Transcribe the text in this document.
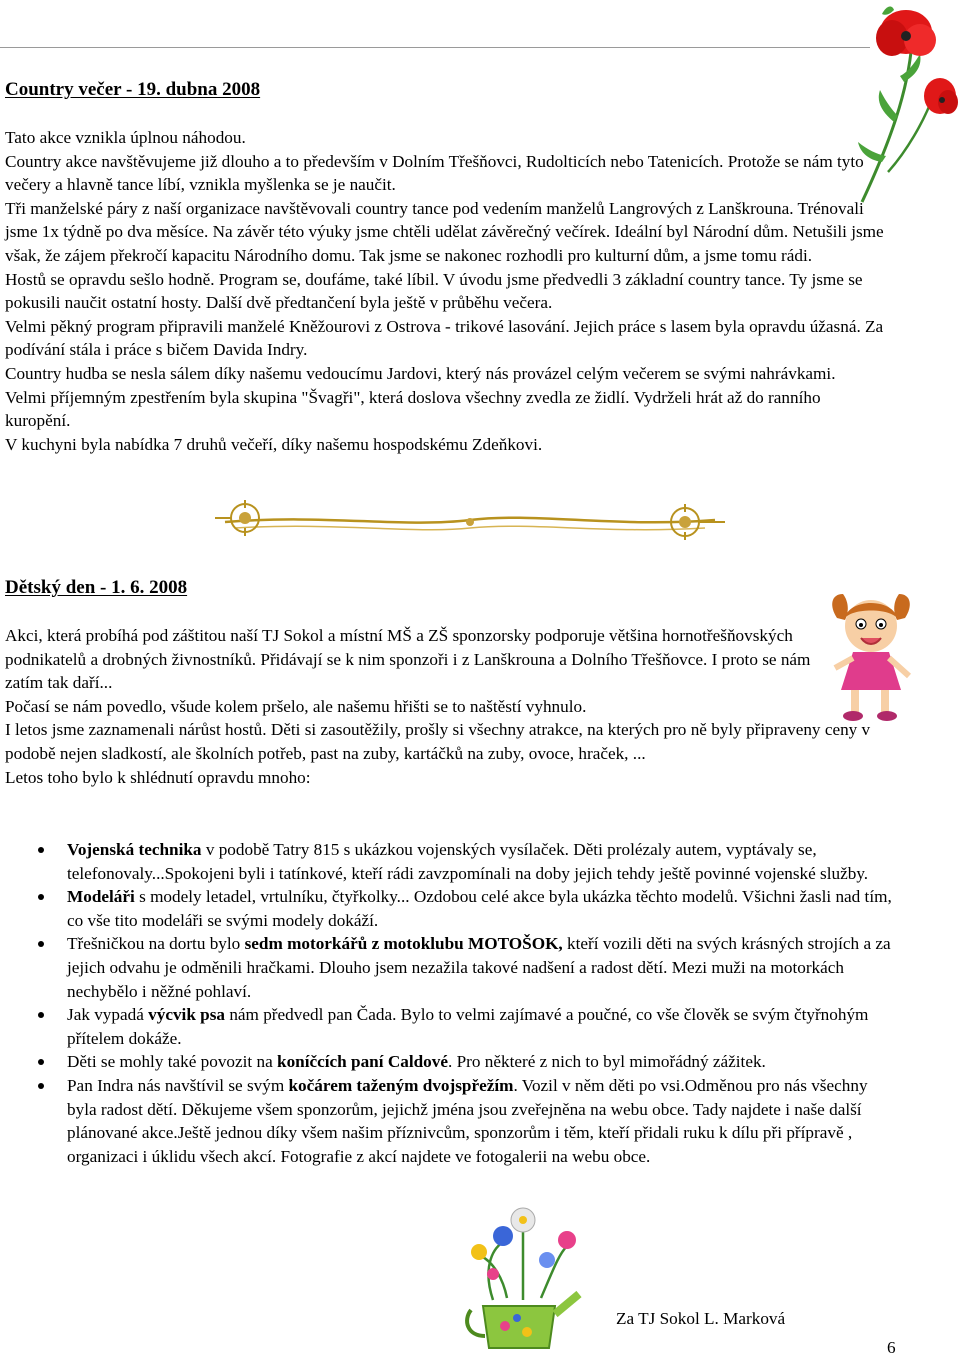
Country večer - 19. dubna 2008

Tato akce vznikla úplnou náhodou.

Country akce navštěvujeme již dlouho a to především v Dolním Třešňovci, Rudolticích nebo Tatenicích. Protože se nám tyto večery a hlavně tance líbí, vznikla myšlenka se je naučit.

Tři manželské páry z naší organizace navštěvovali country tance pod vedením manželů Langrových z Lanškrouna. Trénovali jsme 1x týdně po dva měsíce. Na závěr této výuky jsme chtěli udělat závěrečný večírek. Ideální byl Národní dům. Netušili jsme však, že zájem překročí kapacitu Národního domu. Tak jsme se nakonec rozhodli pro kulturní dům, a jsme tomu rádi.

Hostů se opravdu sešlo hodně. Program se, doufáme, také líbil. V úvodu jsme předvedli 3 základní country tance. Ty jsme se pokusili naučit ostatní hosty. Další dvě předtančení byla ještě v průběhu večera.

Velmi pěkný program připravili manželé Kněžourovi z Ostrova - trikové lasování. Jejich práce s lasem byla opravdu úžasná. Za podívání stála i práce s bičem Davida Indry.

Country hudba se nesla sálem díky našemu vedoucímu Jardovi, který nás provázel celým večerem se svými nahrávkami.

Velmi příjemným zpestřením byla skupina "Švagři", která doslova všechny zvedla ze židlí. Vydrželi hrát až do ranního kuropění.

V kuchyni byla nabídka 7 druhů večeří, díky našemu hospodskému Zdeňkovi.

Dětský den - 1. 6. 2008

Akci, která probíhá pod záštitou naší TJ Sokol a místní MŠ a ZŠ sponzorsky podporuje většina hornotřešňovských podnikatelů a drobných živnostníků. Přidávají se k nim sponzoři i z Lanškrouna a Dolního Třešňovce. I proto se nám zatím tak daří...

Počasí se nám povedlo, všude kolem pršelo, ale našemu hřišti se to naštěstí vyhnulo.

I letos jsme zaznamenali nárůst hostů. Děti si zasoutěžily, prošly si všechny atrakce, na kterých pro ně byly připraveny ceny v podobě nejen sladkostí, ale školních potřeb, past na zuby, kartáčků na zuby, ovoce, hraček, ...

Letos toho bylo k shlédnutí opravdu mnoho:

Vojenská technika v podobě Tatry 815 s ukázkou vojenských vysílaček. Děti prolézaly autem, vyptávaly se, telefonovaly...Spokojeni byli i tatínkové, kteří rádi zavzpomínali na doby jejich tehdy ještě povinné vojenské služby.
Modeláři s modely letadel, vrtulníku, čtyřkolky... Ozdobou celé akce byla ukázka těchto modelů. Všichni žasli nad tím, co vše tito modeláři se svými modely dokáží.
Třešničkou na dortu bylo sedm motorkářů z motoklubu MOTOŠOK, kteří vozili děti na svých krásných strojích a za jejich odvahu je odměnili hračkami. Dlouho jsem nezažila takové nadšení a radost dětí. Mezi muži na motorkách nechybělo i něžné pohlaví.
Jak vypadá výcvik psa nám předvedl pan Čada. Bylo to velmi zajímavé a poučné, co vše člověk se svým čtyřnohým přítelem dokáže.
Děti se mohly také povozit na koníčcích paní Caldové. Pro některé z nich to byl mimořádný zážitek.
Pan Indra nás navštívil se svým kočárem taženým dvojspřežím. Vozil v něm děti po vsi.Odměnou pro nás všechny byla radost dětí. Děkujeme všem sponzorům, jejichž jména jsou zveřejněna na webu obce. Tady najdete i naše další plánované akce.Ještě jednou díky všem našim příznivcům, sponzorům i těm, kteří přidali ruku k dílu při přípravě , organizaci i úklidu všech akcí. Fotografie z akcí najdete ve fotogalerii na webu obce.
Za TJ Sokol L. Marková
6
